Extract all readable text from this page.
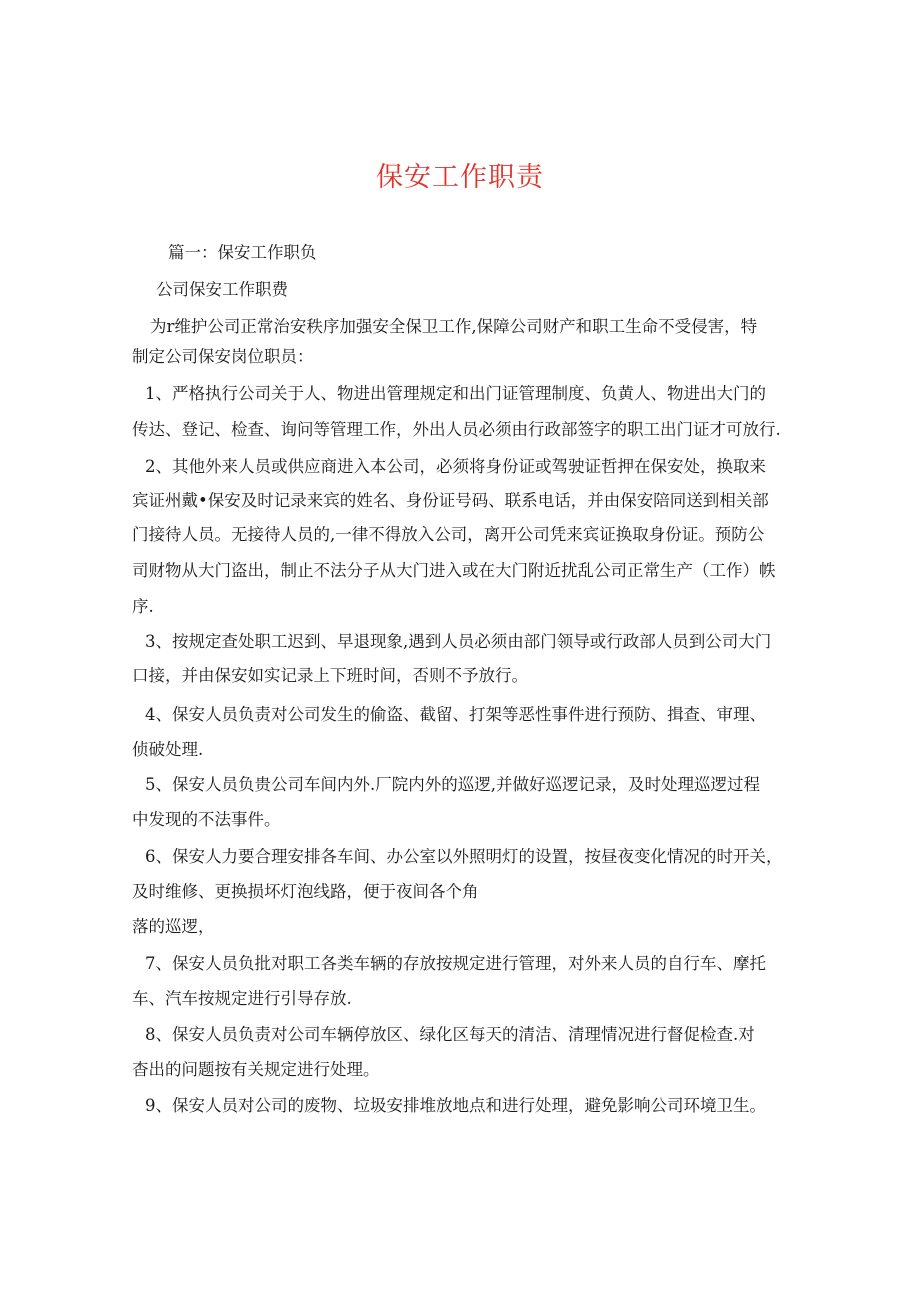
保安工作职责
篇一：保安工作职负
公司保安工作职费
为r维护公司正常治安秩序加强安全保卫工作,保障公司财产和职工生命不受侵害，特
制定公司保安岗位职员：
1、严格执行公司关于人、物进出管理规定和出门证管理制度、负黄人、物进出大门的
传达、登记、检查、询问等管理工作，外出人员必须由行政部签字的职工出门证才可放行.
2、其他外来人员或供应商进入本公司，必须将身份证或驾驶证哲押在保安处，换取来
宾证州戴•保安及时记录来宾的姓名、身份证号码、联系电话，并由保安陪同送到相关部
门接待人员。无接待人员的,一律不得放入公司，离开公司凭来宾证换取身份证。预防公
司财物从大门盗出，制止不法分子从大门进入或在大门附近扰乱公司正常生产（工作）帙
序.
3、按规定查处职工迟到、早退现象,遇到人员必须由部门领导或行政部人员到公司大门
口接，并由保安如实记录上下班时间，否则不予放行。
4、保安人员负责对公司发生的偷盗、截留、打架等恶性事件进行预防、揖查、审理、
侦破处理.
5、保安人员负贵公司车间内外.厂院内外的巡逻,并做好巡逻记录，及时处理巡逻过程
中发现的不法事件。
6、保安人力要合理安排各车间、办公室以外照明灯的设置，按昼夜变化情况的时开关，
及时维修、更换损坏灯泡线路，便于夜间各个角
落的巡逻，
7、保安人员负批对职工各类车辆的存放按规定进行管理，对外来人员的自行车、摩托
车、汽车按规定进行引导存放.
8、保安人员负责对公司车辆停放区、绿化区每天的清洁、清理情况进行督促检查.对
杳出的问题按有关规定进行处理。
9、保安人员对公司的废物、垃圾安排堆放地点和进行处理，避免影响公司环境卫生。
